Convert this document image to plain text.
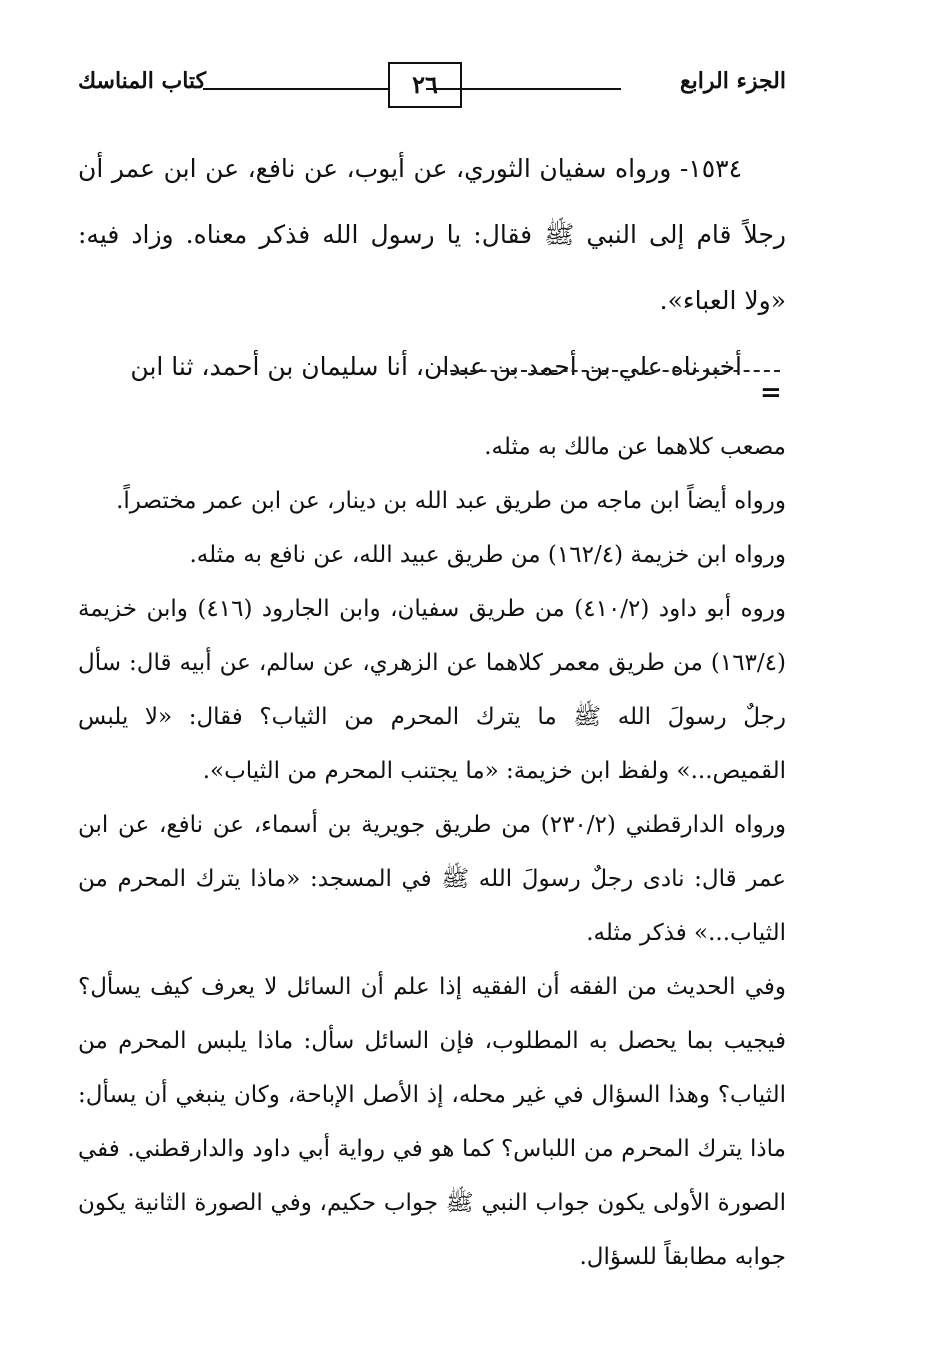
الجزء الرابع
٢٦
كتاب المناسك

١٥٣٤- ورواه سفيان الثوري، عن أيوب، عن نافع، عن ابن عمر أن رجلاً قام إلى النبي ﷺ فقال: يا رسول الله فذكر معناه. وزاد فيه: «ولا العباء».

أخبرناه علي بن أحمد بن عبدان، أنا سليمان بن أحمد، ثنا ابن

=

مصعب كلاهما عن مالك به مثله.

ورواه أيضاً ابن ماجه من طريق عبد الله بن دينار، عن ابن عمر مختصراً.

ورواه ابن خزيمة (١٦٢/٤) من طريق عبيد الله، عن نافع به مثله.

وروه أبو داود (٤١٠/٢) من طريق سفيان، وابن الجارود (٤١٦) وابن خزيمة (١٦٣/٤) من طريق معمر كلاهما عن الزهري، عن سالم، عن أبيه قال: سأل رجلٌ رسولَ الله ﷺ ما يترك المحرم من الثياب؟ فقال: «لا يلبس القميص...» ولفظ ابن خزيمة: «ما يجتنب المحرم من الثياب».

ورواه الدارقطني (٢٣٠/٢) من طريق جويرية بن أسماء، عن نافع، عن ابن عمر قال: نادى رجلٌ رسولَ الله ﷺ في المسجد: «ماذا يترك المحرم من الثياب...» فذكر مثله.

وفي الحديث من الفقه أن الفقيه إذا علم أن السائل لا يعرف كيف يسأل؟ فيجيب بما يحصل به المطلوب، فإن السائل سأل: ماذا يلبس المحرم من الثياب؟ وهذا السؤال في غير محله، إذ الأصل الإباحة، وكان ينبغي أن يسأل: ماذا يترك المحرم من اللباس؟ كما هو في رواية أبي داود والدارقطني. ففي الصورة الأولى يكون جواب النبي ﷺ جواب حكيم، وفي الصورة الثانية يكون جوابه مطابقاً للسؤال.
